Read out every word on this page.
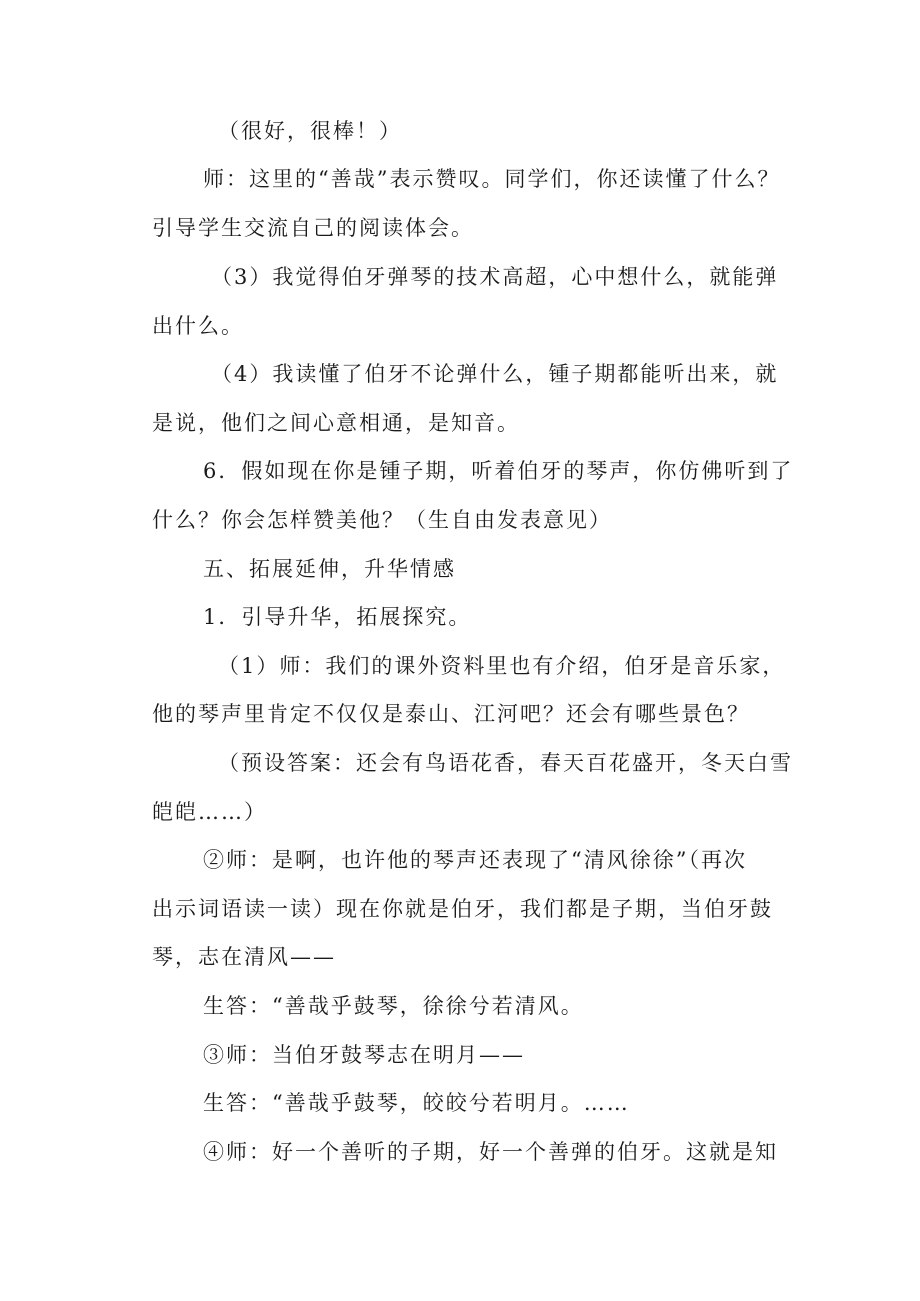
（很好，很棒！）
师：这里的“善哉”表示赞叹。同学们，你还读懂了什么？
引导学生交流自己的阅读体会。
（3）我觉得伯牙弹琴的技术高超，心中想什么，就能弹
出什么。
（4）我读懂了伯牙不论弹什么，锺子期都能听出来，就
是说，他们之间心意相通，是知音。
6．假如现在你是锺子期，听着伯牙的琴声，你仿佛听到了
什么？你会怎样赞美他？（生自由发表意见）
五、拓展延伸，升华情感
1．引导升华，拓展探究。
（1）师：我们的课外资料里也有介绍，伯牙是音乐家，
他的琴声里肯定不仅仅是泰山、江河吧？还会有哪些景色？
（预设答案：还会有鸟语花香，春天百花盛开，冬天白雪
皑皑……）
②师：是啊，也许他的琴声还表现了“清风徐徐”（再次
出示词语读一读）现在你就是伯牙，我们都是子期，当伯牙鼓
琴，志在清风——
生答：“善哉乎鼓琴，徐徐兮若清风。
③师：当伯牙鼓琴志在明月——
生答：“善哉乎鼓琴，皎皎兮若明月。……
④师：好一个善听的子期，好一个善弹的伯牙。这就是知
